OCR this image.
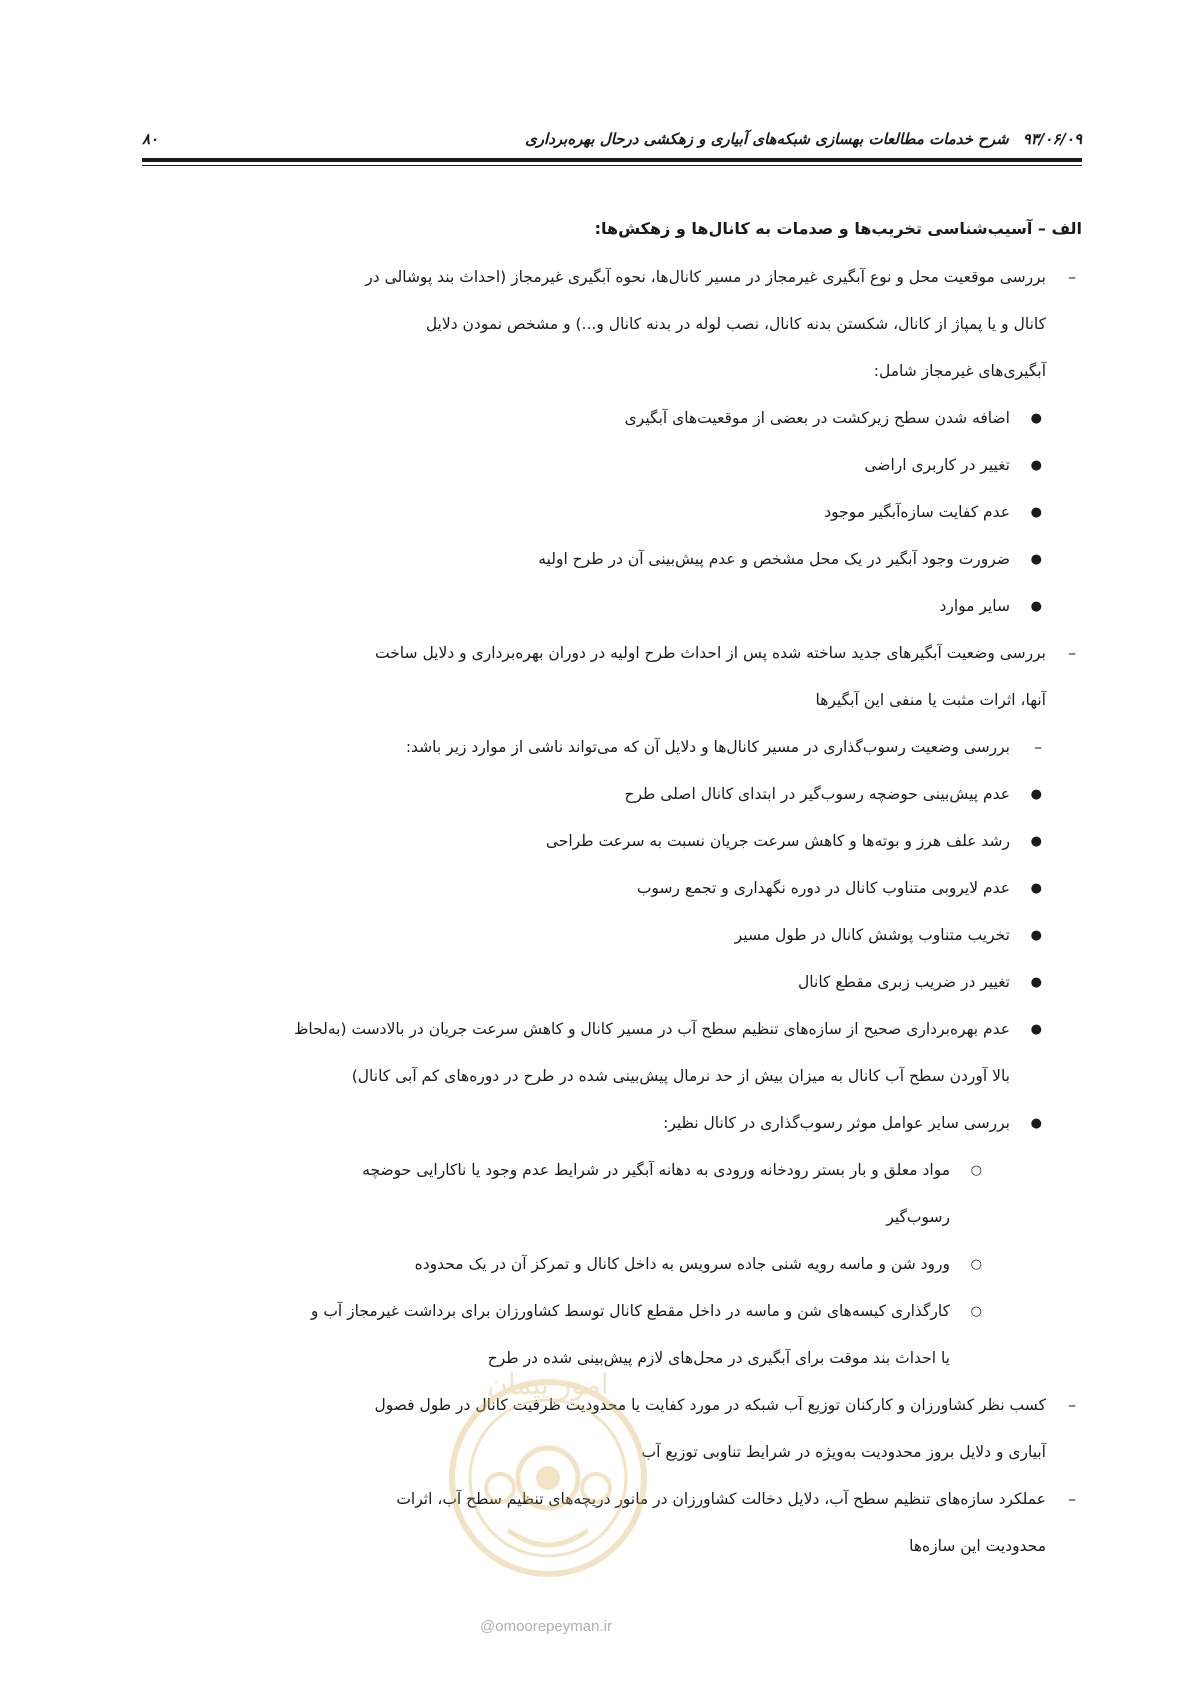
۸۰	۹۳/۰۶/۰۹شرح خدمات مطالعات بهسازی شبکه‌های آبیاری و زهکشی درحال بهره‌برداری
الف – آسیب‌شناسی تخریب‌ها و صدمات به کانال‌ها و زهکش‌ها:
–
بررسی موقعیت محل و نوع آبگیری غیرمجاز در مسیر کانال‌ها، نحوه آبگیری غیرمجاز (احداث بند پوشالی در
کانال و یا پمپاژ از کانال، شکستن بدنه کانال، نصب لوله در بدنه کانال و...) و مشخص نمودن دلایل
آبگیری‌های غیرمجاز شامل:
●
اضافه شدن سطح زیرکشت در بعضی از موقعیت‌های آبگیری
●
تغییر در کاربری اراضی
●
عدم کفایت سازه‌آبگیر موجود
●
ضرورت وجود آبگیر در یک محل مشخص و عدم پیش‌بینی آن در طرح اولیه
●
سایر موارد
–
بررسی وضعیت آبگیرهای جدید ساخته شده پس از احداث طرح اولیه در دوران بهره‌برداری و دلایل ساخت
آنها، اثرات مثبت یا منفی این آبگیرها
–
بررسی وضعیت رسوب‌گذاری در مسیر کانال‌ها و دلایل آن که می‌تواند ناشی از موارد زیر باشد:
●
عدم پیش‌بینی حوضچه رسوب‌گیر در ابتدای کانال اصلی طرح
●
رشد علف هرز و بوته‌ها و کاهش سرعت جریان نسبت به سرعت طراحی
●
عدم لایروبی متناوب کانال در دوره نگهداری و تجمع رسوب
●
تخریب متناوب پوشش کانال در طول مسیر
●
تغییر در ضریب زبری مقطع کانال
●
عدم بهره‌برداری صحیح از سازه‌های تنظیم سطح آب در مسیر کانال و کاهش سرعت جریان در بالادست (به‌لحاظ
بالا آوردن سطح آب کانال به میزان بیش از حد نرمال پیش‌بینی شده در طرح در دوره‌های کم آبی کانال)
●
بررسی سایر عوامل موثر رسوب‌گذاری در کانال نظیر:
○
مواد معلق و بار بستر رودخانه ورودی به دهانه آبگیر در شرایط عدم وجود یا ناکارایی حوضچه
رسوب‌گیر
○
ورود شن و ماسه رویه شنی جاده سرویس به داخل کانال و تمرکز آن در یک محدوده
○
کارگذاری کیسه‌های شن و ماسه در داخل مقطع کانال توسط کشاورزان برای برداشت غیرمجاز آب و
یا احداث بند موقت برای آبگیری در محل‌های لازم پیش‌بینی شده در طرح
–
کسب نظر کشاورزان و کارکنان توزیع آب شبکه در مورد کفایت یا محدودیت ظرفیت کانال در طول فصول
آبیاری و دلایل بروز محدودیت به‌ویژه در شرایط تناوبی توزیع آب
–
عملکرد سازه‌های تنظیم سطح آب، دلایل دخالت کشاورزان در مانور دریچه‌های تنظیم سطح آب، اثرات
محدودیت این سازه‌ها
امور پیمان
@omoorepeyman.ir
